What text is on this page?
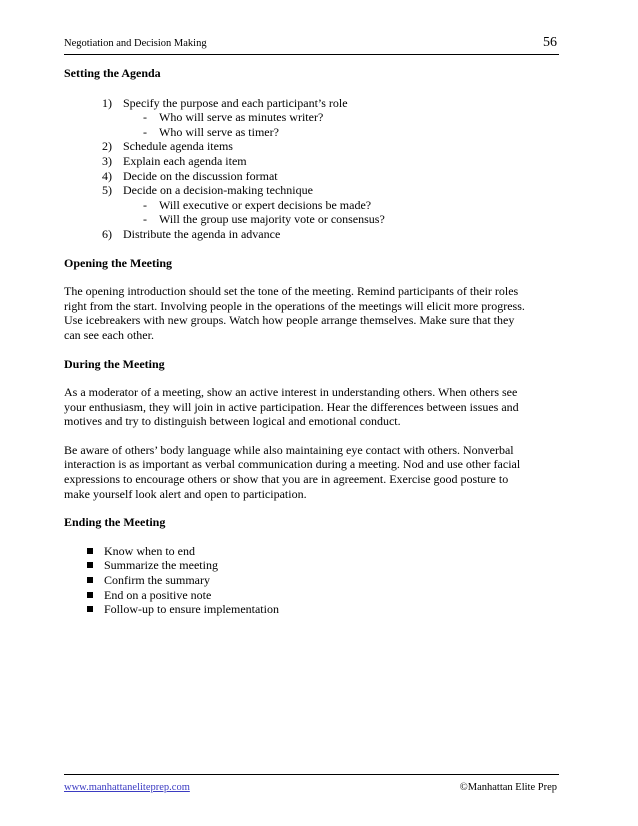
Negotiation and Decision Making	56
Setting the Agenda
1) Specify the purpose and each participant’s role
- Who will serve as minutes writer?
- Who will serve as timer?
2) Schedule agenda items
3) Explain each agenda item
4) Decide on the discussion format
5) Decide on a decision-making technique
- Will executive or expert decisions be made?
- Will the group use majority vote or consensus?
6) Distribute the agenda in advance
Opening the Meeting

The opening introduction should set the tone of the meeting. Remind participants of their roles
right from the start. Involving people in the operations of the meetings will elicit more progress.
Use icebreakers with new groups. Watch how people arrange themselves. Make sure that they
can see each other.

During the Meeting

As a moderator of a meeting, show an active interest in understanding others. When others see
your enthusiasm, they will join in active participation. Hear the differences between issues and
motives and try to distinguish between logical and emotional conduct.

Be aware of others’ body language while also maintaining eye contact with others. Nonverbal
interaction is as important as verbal communication during a meeting. Nod and use other facial
expressions to encourage others or show that you are in agreement. Exercise good posture to
make yourself look alert and open to participation.

Ending the Meeting
Know when to end
Summarize the meeting
Confirm the summary
End on a positive note
Follow-up to ensure implementation
www.manhattaneliteprep.com	©Manhattan Elite Prep
